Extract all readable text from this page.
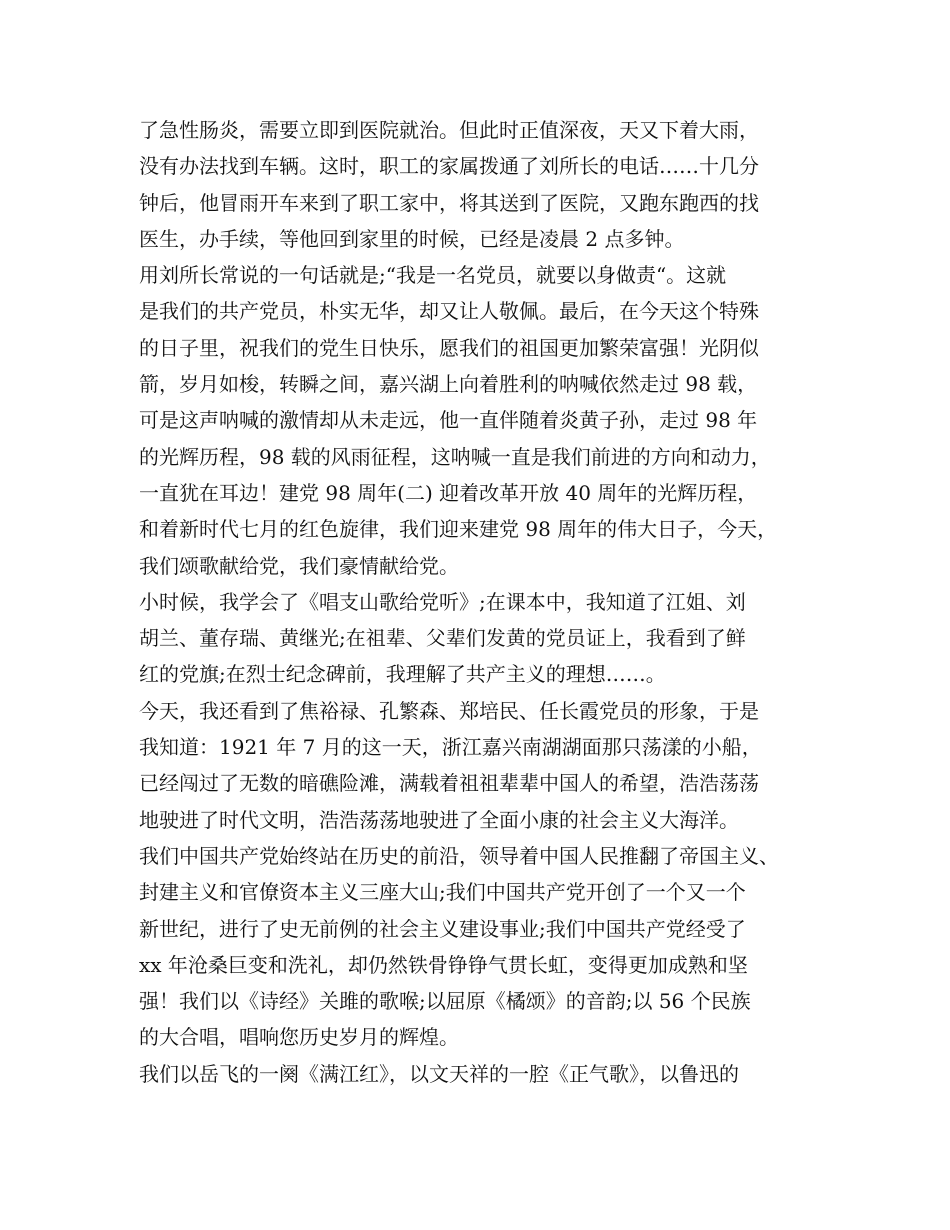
了急性肠炎，需要立即到医院就治。但此时正值深夜，天又下着大雨，
没有办法找到车辆。这时，职工的家属拨通了刘所长的电话……十几分
钟后，他冒雨开车来到了职工家中，将其送到了医院，又跑东跑西的找
医生，办手续，等他回到家里的时候，已经是凌晨 2 点多钟。
用刘所长常说的一句话就是;“我是一名党员，就要以身做责“。这就
是我们的共产党员，朴实无华，却又让人敬佩。最后，在今天这个特殊
的日子里，祝我们的党生日快乐，愿我们的祖国更加繁荣富强！光阴似
箭，岁月如梭，转瞬之间，嘉兴湖上向着胜利的呐喊依然走过 98 载，
可是这声呐喊的激情却从未走远，他一直伴随着炎黄子孙，走过 98 年
的光辉历程，98 载的风雨征程，这呐喊一直是我们前进的方向和动力，
一直犹在耳边！建党 98 周年(二) 迎着改革开放 40 周年的光辉历程，
和着新时代七月的红色旋律，我们迎来建党 98 周年的伟大日子，今天，
我们颂歌献给党，我们豪情献给党。
小时候，我学会了《唱支山歌给党听》;在课本中，我知道了江姐、刘
胡兰、董存瑞、黄继光;在祖辈、父辈们发黄的党员证上，我看到了鲜
红的党旗;在烈士纪念碑前，我理解了共产主义的理想……。
今天，我还看到了焦裕禄、孔繁森、郑培民、任长霞党员的形象，于是
我知道：1921 年 7 月的这一天，浙江嘉兴南湖湖面那只荡漾的小船，
已经闯过了无数的暗礁险滩，满载着祖祖辈辈中国人的希望，浩浩荡荡
地驶进了时代文明，浩浩荡荡地驶进了全面小康的社会主义大海洋。
我们中国共产党始终站在历史的前沿，领导着中国人民推翻了帝国主义、
封建主义和官僚资本主义三座大山;我们中国共产党开创了一个又一个
新世纪，进行了史无前例的社会主义建设事业;我们中国共产党经受了
xx 年沧桑巨变和洗礼，却仍然铁骨铮铮气贯长虹，变得更加成熟和坚
强！我们以《诗经》关雎的歌喉;以屈原《橘颂》的音韵;以 56 个民族
的大合唱，唱响您历史岁月的辉煌。
我们以岳飞的一阕《满江红》，以文天祥的一腔《正气歌》，以鲁迅的
